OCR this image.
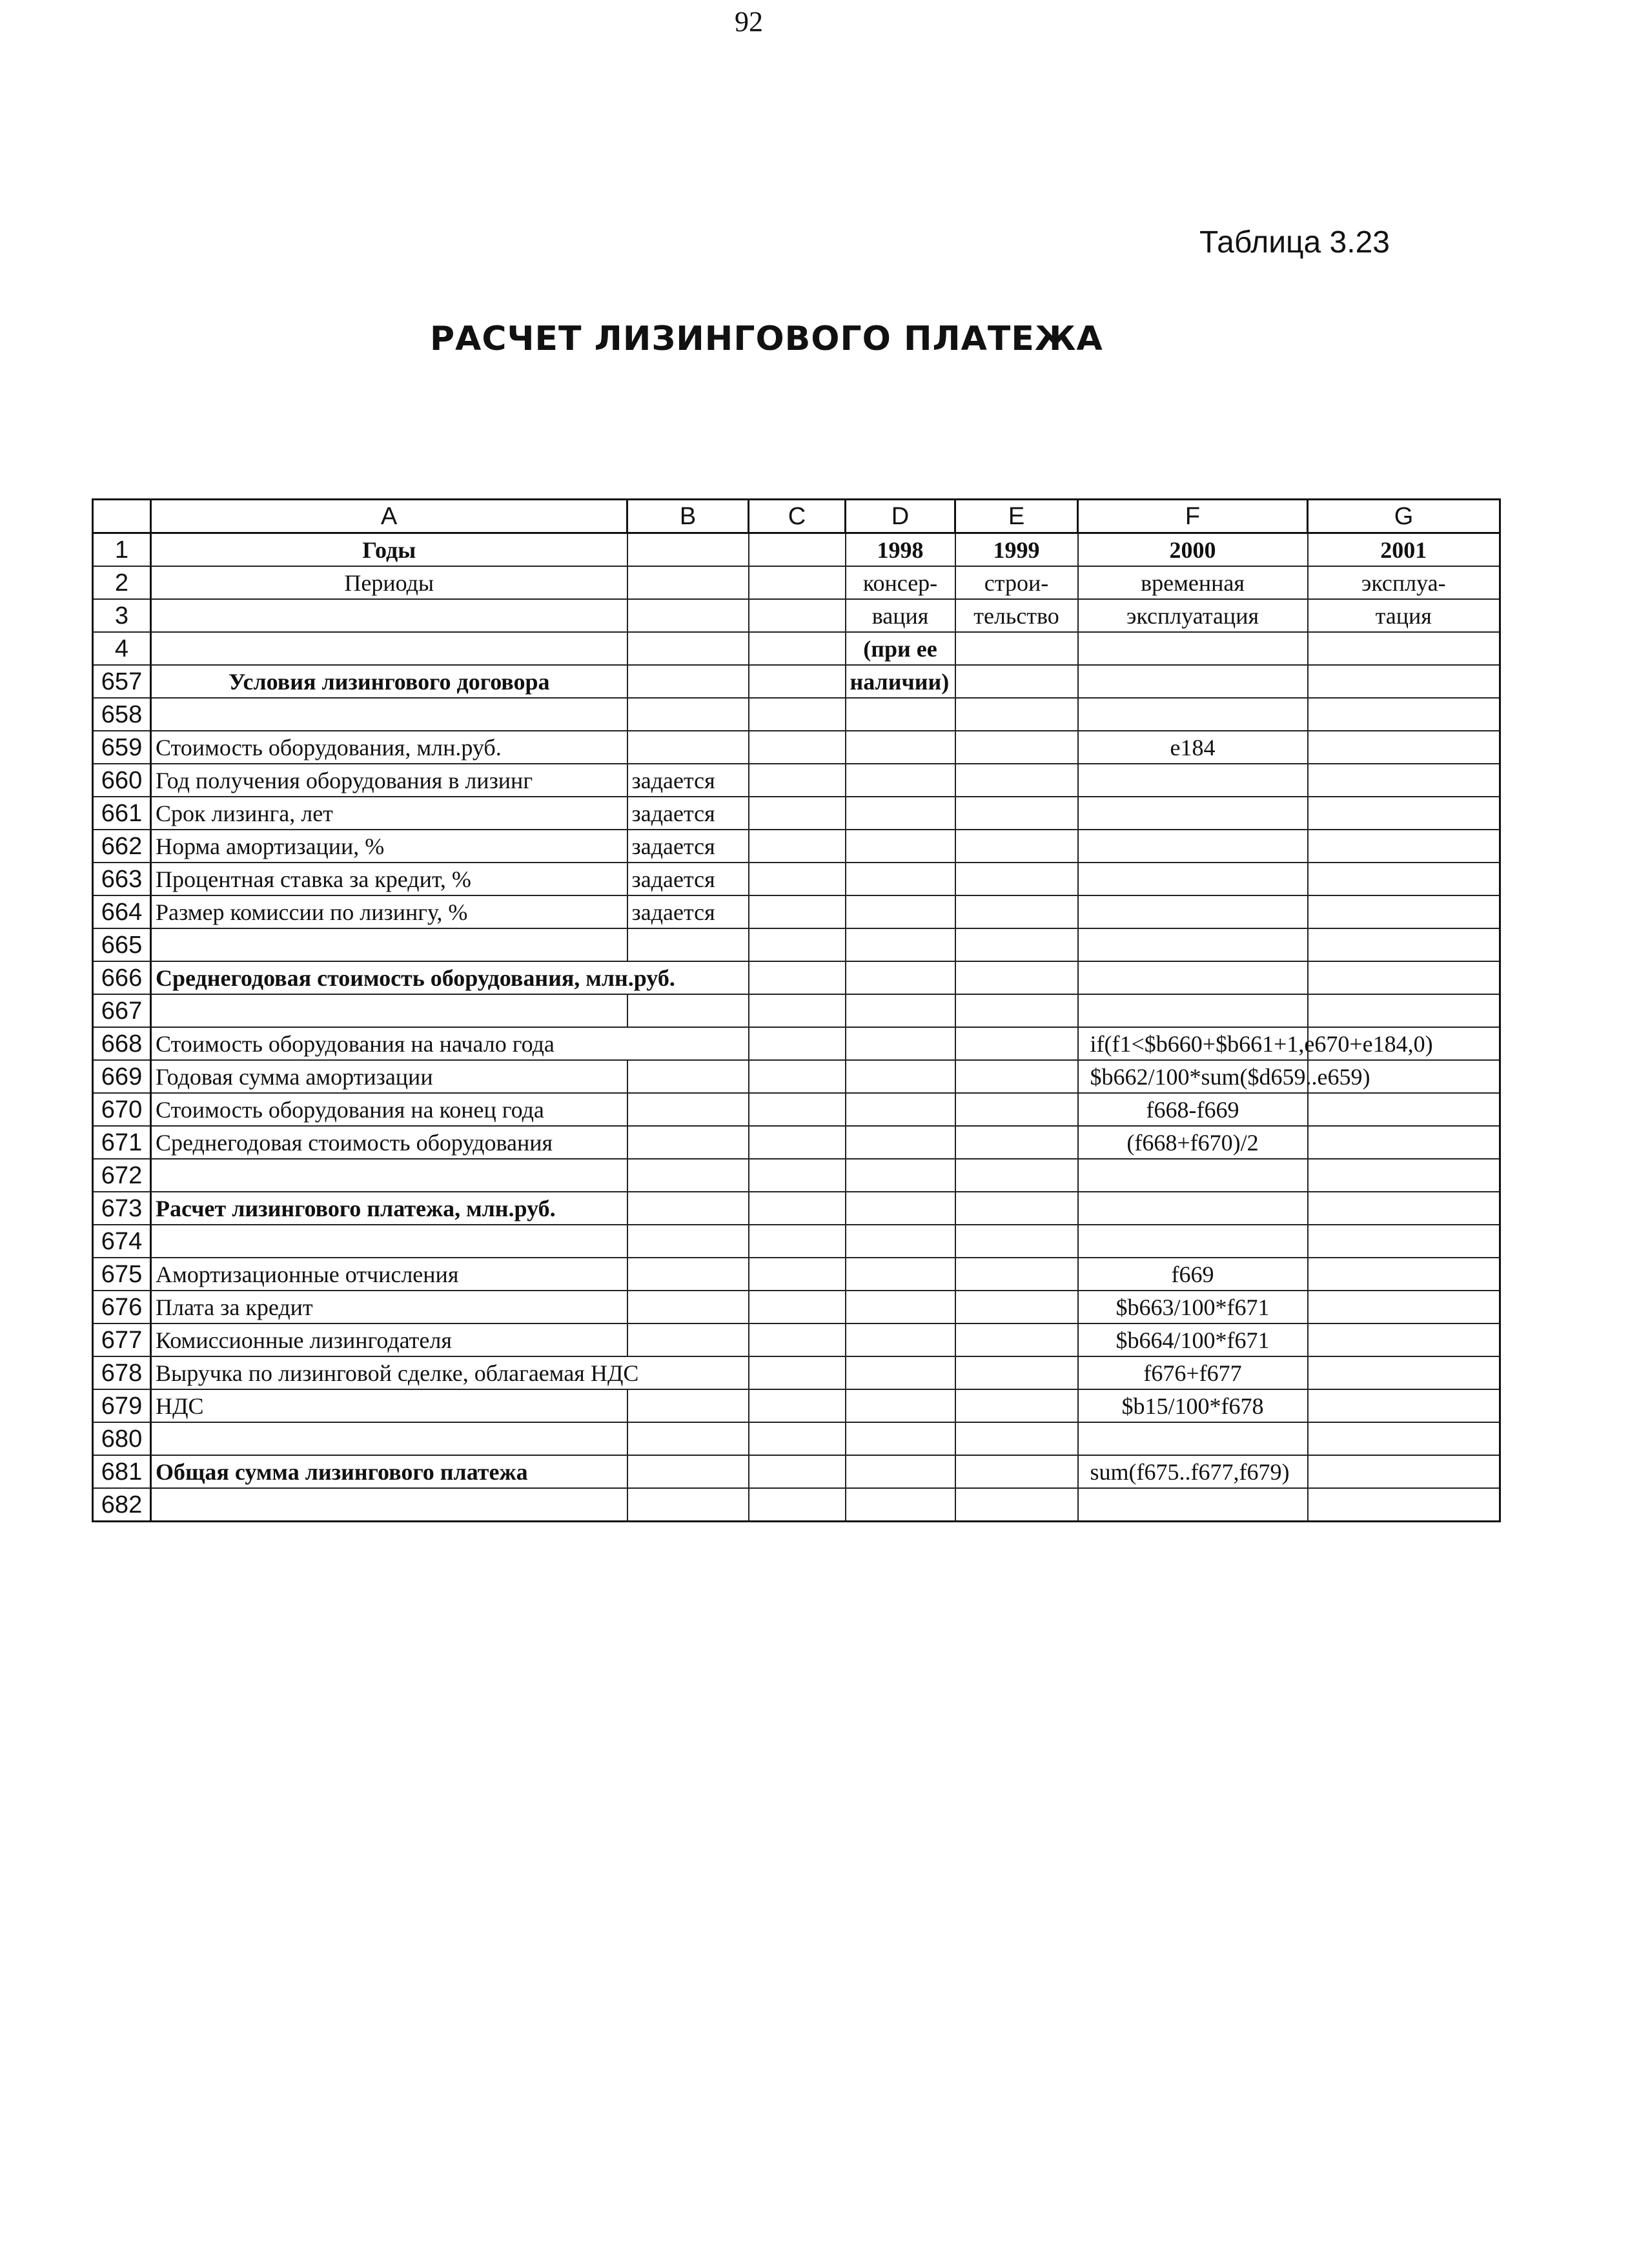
92
Таблица 3.23
РАСЧЕТ ЛИЗИНГОВОГО ПЛАТЕЖА
	A	B	C	D	E	F	G
1	Годы			1998	1999	2000	2001
2	Периоды			консер-	строи-	временная	эксплуа-
3				вация	тельство	эксплуатация	тация
4				(при ее			
657	Условия лизингового договора			наличии)			
658							
659	Стоимость оборудования, млн.руб.					e184	
660	Год получения оборудования в лизинг	задается					
661	Срок лизинга, лет	задается					
662	Норма амортизации, %	задается					
663	Процентная ставка за кредит, %	задается					
664	Размер комиссии по лизингу, %	задается					
665							
666	Среднегодовая стоимость оборудования, млн.руб.						
667							
668	Стоимость оборудования на начало года					if(f1<$b660+$b661+1,e670+e184,0)	
669	Годовая сумма амортизации					$b662/100*sum($d659..e659)	
670	Стоимость оборудования на конец года					f668-f669	
671	Среднегодовая стоимость оборудования					(f668+f670)/2	
672							
673	Расчет лизингового платежа, млн.руб.						
674							
675	Амортизационные отчисления					f669	
676	Плата за кредит					$b663/100*f671	
677	Комиссионные лизингодателя					$b664/100*f671	
678	Выручка по лизинговой сделке, облагаемая НДС					f676+f677	
679	НДС					$b15/100*f678	
680							
681	Общая сумма лизингового платежа					sum(f675..f677,f679)	
682							
